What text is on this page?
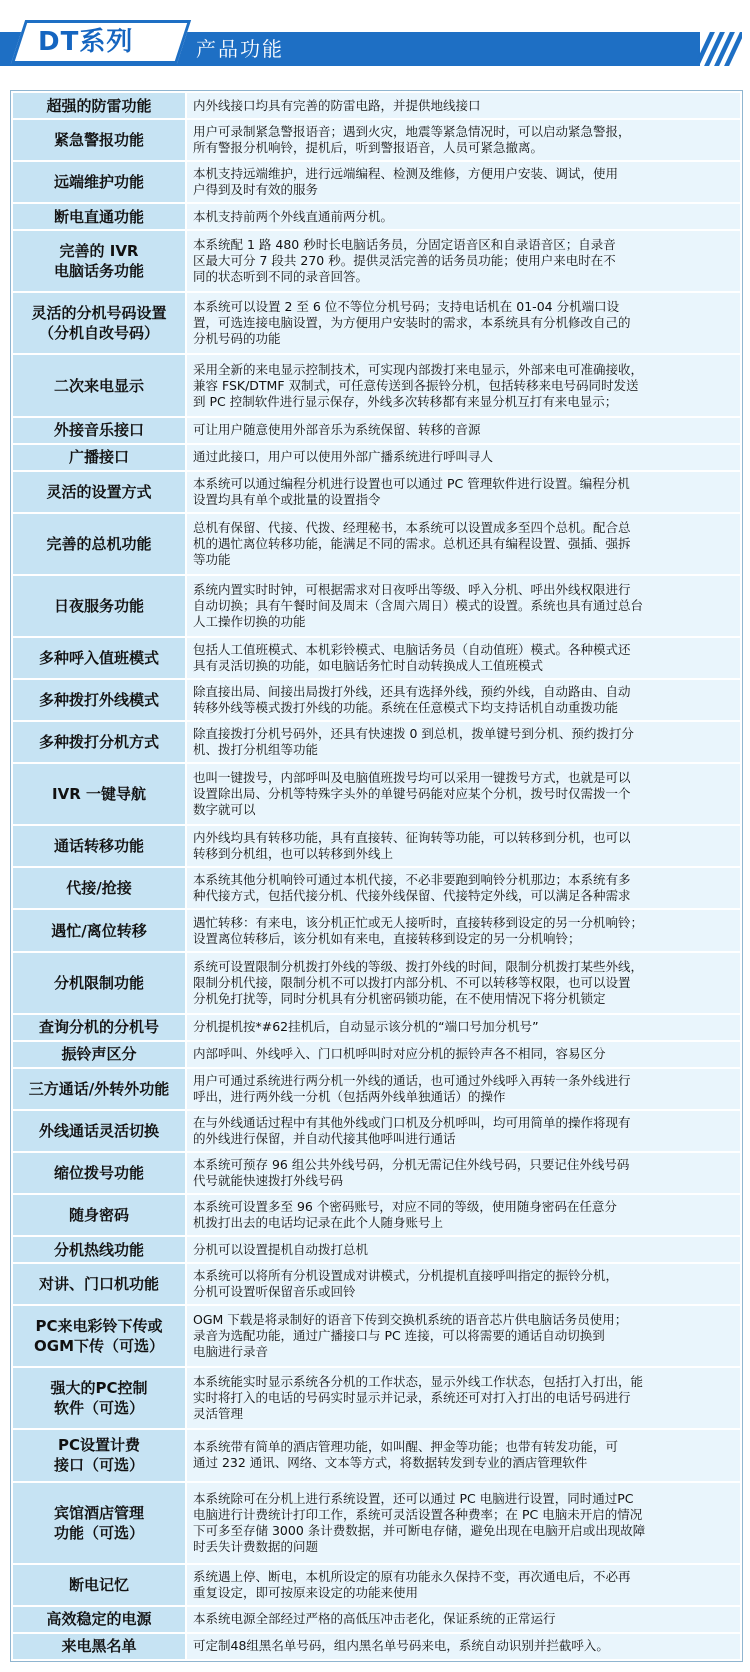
DT系列	产品功能
超强的防雷功能	内外线接口均具有完善的防雷电路，并提供地线接口

紧急警报功能	用户可录制紧急警报语音；遇到火灾，地震等紧急情况时，可以启动紧急警报，
所有警报分机响铃，提机后，听到警报语音，人员可紧急撤离。

远端维护功能	本机支持远端维护，进行远端编程、检测及维修，方便用户安装、调试，使用
户得到及时有效的服务

断电直通功能	本机支持前两个外线直通前两分机。

完善的 IVR
电脑话务功能	本系统配 1 路 480 秒时长电脑话务员，分固定语音区和自录语音区；自录音
区最大可分 7 段共 270 秒。提供灵活完善的话务员功能；使用户来电时在不
同的状态听到不同的录音回答。

灵活的分机号码设置
（分机自改号码）	本系统可以设置 2 至 6 位不等位分机号码；支持电话机在 01-04 分机端口设
置，可选连接电脑设置，为方便用户安装时的需求，本系统具有分机修改自己的
分机号码的功能

二次来电显示	采用全新的来电显示控制技术，可实现内部拨打来电显示，外部来电可准确接收，
兼容 FSK/DTMF 双制式，可任意传送到各振铃分机，包括转移来电号码同时发送
到 PC 控制软件进行显示保存，外线多次转移都有来显分机互打有来电显示；

外接音乐接口	可让用户随意使用外部音乐为系统保留、转移的音源

广播接口	通过此接口，用户可以使用外部广播系统进行呼叫寻人

灵活的设置方式	本系统可以通过编程分机进行设置也可以通过 PC 管理软件进行设置。编程分机
设置均具有单个或批量的设置指令

完善的总机功能	总机有保留、代接、代拨、经理秘书，本系统可以设置成多至四个总机。配合总
机的遇忙离位转移功能，能满足不同的需求。总机还具有编程设置、强插、强拆
等功能

日夜服务功能	系统内置实时时钟，可根据需求对日夜呼出等级、呼入分机、呼出外线权限进行
自动切换；具有午餐时间及周末（含周六周日）模式的设置。系统也具有通过总台
人工操作切换的功能

多种呼入值班模式	包括人工值班模式、本机彩铃模式、电脑话务员（自动值班）模式。各种模式还
具有灵活切换的功能，如电脑话务忙时自动转换成人工值班模式

多种拨打外线模式	除直接出局、间接出局拨打外线，还具有选择外线，预约外线，自动路由、自动
转移外线等模式拨打外线的功能。系统在任意模式下均支持话机自动重拨功能

多种拨打分机方式	除直接拨打分机号码外，还具有快速拨 0 到总机，拨单键号到分机、预约拨打分
机、拨打分机组等功能

IVR 一键导航	也叫一键拨号，内部呼叫及电脑值班拨号均可以采用一键拨号方式，也就是可以
设置除出局、分机等特殊字头外的单键号码能对应某个分机，拨号时仅需拨一个
数字就可以

通话转移功能	内外线均具有转移功能，具有直接转、征询转等功能，可以转移到分机，也可以
转移到分机组，也可以转移到外线上

代接/抢接	本系统其他分机响铃可通过本机代接，不必非要跑到响铃分机那边；本系统有多
种代接方式，包括代接分机、代接外线保留、代接特定外线，可以满足各种需求

遇忙/离位转移	遇忙转移：有来电，该分机正忙或无人接听时，直接转移到设定的另一分机响铃；
设置离位转移后，该分机如有来电，直接转移到设定的另一分机响铃；

分机限制功能	系统可设置限制分机拨打外线的等级、拨打外线的时间，限制分机拨打某些外线，
限制分机代接，限制分机不可以拨打内部分机、不可以转移等权限，也可以设置
分机免打扰等，同时分机具有分机密码锁功能，在不使用情况下将分机锁定

查询分机的分机号	分机提机按*#62挂机后，自动显示该分机的“端口号加分机号”

振铃声区分	内部呼叫、外线呼入、门口机呼叫时对应分机的振铃声各不相同，容易区分

三方通话/外转外功能	用户可通过系统进行两分机一外线的通话，也可通过外线呼入再转一条外线进行
呼出，进行两外线一分机（包括两外线单独通话）的操作

外线通话灵活切换	在与外线通话过程中有其他外线或门口机及分机呼叫，均可用简单的操作将现有
的外线进行保留，并自动代接其他呼叫进行通话

缩位拨号功能	本系统可预存 96 组公共外线号码，分机无需记住外线号码，只要记住外线号码
代号就能快速拨打外线号码

随身密码	本系统可设置多至 96 个密码账号，对应不同的等级，使用随身密码在任意分
机拨打出去的电话均记录在此个人随身账号上

分机热线功能	分机可以设置提机自动拨打总机

对讲、门口机功能	本系统可以将所有分机设置成对讲模式，分机提机直接呼叫指定的振铃分机，
分机可设置听保留音乐或回铃

PC来电彩铃下传或
OGM下传（可选）	OGM 下载是将录制好的语音下传到交换机系统的语音芯片供电脑话务员使用；
录音为选配功能，通过广播接口与 PC 连接，可以将需要的通话自动切换到
电脑进行录音

强大的PC控制
软件（可选）	本系统能实时显示系统各分机的工作状态，显示外线工作状态，包括打入打出，能
实时将打入的电话的号码实时显示并记录，系统还可对打入打出的电话号码进行
灵活管理

PC设置计费
接口（可选）	本系统带有简单的酒店管理功能，如叫醒、押金等功能；也带有转发功能，可
通过 232 通讯、网络、文本等方式，将数据转发到专业的酒店管理软件

宾馆酒店管理
功能（可选）	本系统除可在分机上进行系统设置，还可以通过 PC 电脑进行设置，同时通过PC
电脑进行计费统计打印工作，系统可灵活设置各种费率；在 PC 电脑未开启的情况
下可多至存储 3000 条计费数据，并可断电存储，避免出现在电脑开启或出现故障
时丢失计费数据的问题

断电记忆	系统遇上停、断电，本机所设定的原有功能永久保持不变，再次通电后，不必再
重复设定，即可按原来设定的功能来使用

高效稳定的电源	本系统电源全部经过严格的高低压冲击老化，保证系统的正常运行

来电黑名单	可定制48组黑名单号码，组内黑名单号码来电，系统自动识别并拦截呼入。
